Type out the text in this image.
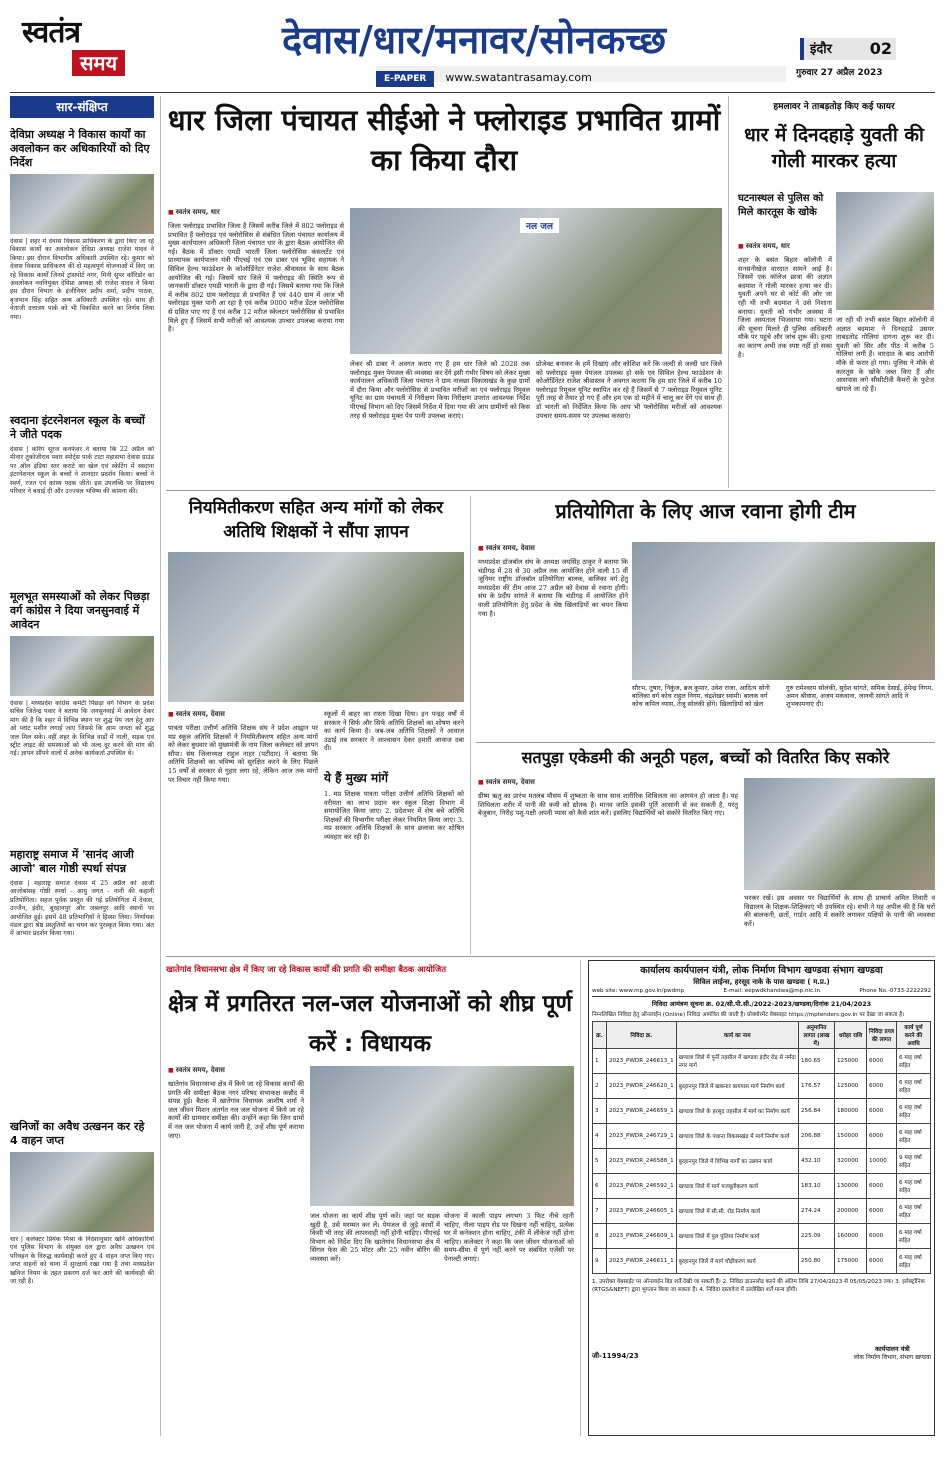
स्वतंत्र
समय
देवास/धार/मनावर/सोनकच्छ
E-PAPER www.swatantrasamay.com
इंदौर 02
गुरुवार 27 अप्रैल 2023
सार-संक्षिप्त
देविप्रा अध्यक्ष ने विकास कार्यों का अवलोकन कर अधिकारियों को दिए निर्देश
देवास | शहर में देवास विकास प्राधिकरण के द्वारा किए जा रहे विकास कार्यों का अवलोकन देविप्रा अध्यक्ष राजेश यादव ने किया। इस दौरान विभागीय अधिकारी उपस्थित रहे। कुमार को देवास विकास प्राधिकरण की दो महत्वपूर्ण योजनाओं में किए जा रहे विकास कार्यों जिनमें ट्रांसपोर्ट नगर, मिनी सुपर कॉरिडोर का अवलोकन नवनियुक्त देविप्रा अध्यक्ष श्री राजेश यादव ने किया इस दौरान विभाग के इंजीनियर प्रदीप शर्मा, प्रदीप पाठक, बृजभान सिंह सहित अन्य अधिकारी उपस्थित रहे। साथ ही नेताजी दत्तात्रय पार्क को भी विकसित करने का निर्णय लिया गया।
स्वदाना इंटरनेशनल स्कूल के बच्चों ने जीते पदक
देवास | कोरेंग सूरज कनफेवर ने बताया कि 22 अप्रैल को मीनार तुकोजीराव पवार स्पोर्ट्स पार्क टाटा महासभा देवास ग्राउंड पर ऑल इंडिया स्तर कराटे का खेल एवं स्केटिंग में स्वदाना इंटरनेशनल स्कूल के बच्चों ने शानदार प्रदर्शन किया। बच्चों ने स्वर्ण, रजत एवं कांस्य पदक जीते। इस उपलब्धि पर विद्यालय परिवार ने बधाई दी और उज्ज्वल भविष्य की कामना की।
मूलभूत समस्याओं को लेकर पिछड़ा वर्ग कांग्रेस ने दिया जनसुनवाई में आवेदन
देवास | मध्यप्रदेश कांग्रेस कमेटी पिछड़ा वर्ग विभाग के प्रदेश सचिव जितेन्द्र पवार ने बताया कि जनसुनवाई में आवेदन देकर मांग की है कि शहर में विभिन्न स्थान पर शुद्ध पेय जल हेतु आर ओ प्लांट मशीन लगाई जाए जिससे कि आम जनता को शुद्ध जल मिल सके। वहीं शहर के विभिन्न वार्डों में नाली, सड़क एवं स्ट्रीट लाइट की समस्याओं को भी जल्द दूर करने की मांग की गई। ज्ञापन सौंपने वालों में अनेक कार्यकर्ता उपस्थित थे।
महाराष्ट्र समाज में 'सानंद आजी आजो' बाल गोष्ठी स्पर्धा संपन्न
देवास | महाराष्ट्र समाज देवास में 25 अप्रैल को आजी आजोबांसह गोष्ठी स्पर्धा - आयु जगत - नानी की कहानी प्रतियोगिता। सहज पूर्वक प्रस्तुत की गई प्रतियोगिता में देवास, उज्जैन, इंदौर, बुरहानपुर और जबलपुर आदि स्थानों पर आयोजित हुई। इसमें 48 प्रतिभागियों ने हिस्सा लिया। निर्णायक मंडल द्वारा श्रेष्ठ प्रस्तुतियों का चयन कर पुरस्कृत किया गया। अंत में आभार प्रदर्शन किया गया।
खनिजों का अवैध उत्खनन कर रहे 4 वाहन जप्त
धार | कलेक्टर प्रियंक मिश्रा के निर्देशानुसार खनि अधिकारियों एवं पुलिस विभाग के संयुक्त दल द्वारा अवैध उत्खनन एवं परिवहन के विरुद्ध कार्यवाही करते हुए 4 वाहन जप्त किए गए। जप्त वाहनों को थाना में सुरक्षार्थ रखा गया है तथा मध्यप्रदेश खनिज नियम के तहत प्रकरण दर्ज कर आगे की कार्यवाही की जा रही है।
धार जिला पंचायत सीईओ ने फ्लोराइड प्रभावित ग्रामों का किया दौरा
■ स्वतंत्र समय, धार
जिला फ्लोराइड प्रभावित जिला है जिसमें करीब जिले में 802 फ्लोराइड से प्रभावित हैं फ्लोराइड एवं फ्लोरोसिस से संबंधित जिला पंचायत कार्यालय में मुख्य कार्यपालन अधिकारी जिला पंचायत धार के द्वारा बैठक आयोजित की गई। बैठक में डॉक्टर एमडी भारती जिला फ्लोरोसिस कंसलटेंट एवं प्राध्यापक कार्यपालन यंत्री पीएचई एवं एस डाबर एवं भूविद सहायक ने सिविल हेल्थ फाउंडेशन के कोऑर्डिनेटर राजेश श्रीवास्तव के साथ बैठक आयोजित की गई। जिसमें धार जिले में फ्लोराइड की स्थिति रूप से जानकारी डॉक्टर एमडी भारती के द्वारा दी गई। जिसमें बताया गया कि जिले में करीब 802 ग्राम फ्लोराइड से प्रभावित हैं एवं 440 ग्राम में आज भी फ्लोराइड युक्त पानी आ रहा है एवं करीब 9000 मरीज डेंटल फ्लोरोसिस से ग्रसित पाए गए हैं एवं करीब 12 मरीज स्केलटन फ्लोरोसिस से प्रभावित मिले हुए हैं जिसमें सभी मरीजों को आवश्यक उपचार उपलब्ध कराया गया है।
नल जल
लेकर श्री डाबर ने अवगत कराए गए हैं हम धार जिले को 2028 तक फ्लोराइड मुक्त पेयजल की व्यवस्था कर देंगे इसी गंभीर विषय को लेकर मुख्य कार्यपालन अधिकारी जिला पंचायत ने ग्राम नालछा विकासखंड के कुछ ग्रामों में दौरा किया और फ्लोरोसिस से प्रभावित मरीजों का एवं फ्लोराइड रिमूवल यूनिट का ग्राम पंचायती में निरीक्षण किया निरीक्षण उपरांत आवश्यक निर्देश पीएचई विभाग को दिए जिसमें निर्देश में दिया गया की आप ग्रामीणों को किस तरह से फ्लोराइड मुक्त पेय पानी उपलब्ध कराएं।
प्रोजेक्ट बनाकर के हमें दिखाएं और कोशिश करें कि जल्दी से जल्दी धार जिले को फ्लोराइड मुक्त पेयजल उपलब्ध हो सके एवं सिविल हेल्थ फाउंडेशन के कोऑर्डिनेटर राजेश श्रीवास्तव ने अवगत कराया कि हम धार जिले में करीब 10 फ्लोराइड रिमूवल यूनिट स्थापित कर रहे हैं जिसमें से 7 फ्लोराइड रिमूवल यूनिट पूरी तरह से तैयार हो गए हैं और हम एक दो महीने में चालू कर देंगे एवं साथ ही डॉ भारती को निर्देशित किया कि आप भी फ्लोरोसिस मरीजों को आवश्यक उपचार समय-समय पर उपलब्ध करवाएं।
हमलावर ने ताबड़तोड़ किए कई फायर
धार में दिनदहाड़े युवती की गोली मारकर हत्या
घटनास्थल से पुलिस को मिले कारतूस के खोके
■ स्वतंत्र समय, धार
शहर के बसंत बिहार कॉलोनी में सनसनीखेज वारदात सामने आई है। जिसमें एक कॉलेज छात्रा की अज्ञात बदमाश ने गोली मारकर हत्या कर दी। युवती अपने घर से कोर्ट की ओर जा रही थी तभी बदमाश ने उसे निशाना बनाया। युवती को गंभीर अवस्था में जिला अस्पताल भिजवाया गया। घटना की सूचना मिलते ही पुलिस अधिकारी मौके पर पहुंचे और जांच शुरू की। हत्या का कारण अभी तक स्पष्ट नहीं हो सका है।
जा रही थी तभी बसंत बिहार कॉलोनी में अज्ञात बदमाश ने दिनदहाड़े उसपर ताबड़तोड़ गोलियां दागना शुरू कर दी। युवती को सिर और पीठ में करीब 5 गोलियां लगी हैं। वारदात के बाद आरोपी मौके से फरार हो गया। पुलिस ने मौके से कारतूस के खोके जब्त किए हैं और आसपास लगे सीसीटीवी कैमरों के फुटेज खंगाले जा रहे हैं।
नियमितीकरण सहित अन्य मांगों को लेकर अतिथि शिक्षकों ने सौंपा ज्ञापन
■ स्वतंत्र समय, देवास
पात्रता परीक्षा उत्तीर्ण अतिथि शिक्षक संघ ने प्रदेश आह्वान पर मप्र स्कूल अतिथि शिक्षकों ने नियमितीकरण सहित अन्य मांगों को लेकर बुधवार को मुख्यमंत्री के नाम जिला कलेक्टर को ज्ञापन सौंपा। संघ जिलाध्यक्ष राहुल नाहर (पटीदार) ने बताया कि अतिथि शिक्षकों का भविष्य को सुरक्षित करने के लिए पिछले 15 वर्षों से सरकार से गुहार लगा रहे, लेकिन आज तक मांगों पर विचार नहीं किया गया।
स्कूलों में बाहर का रास्ता दिखा दिया। इन पन्द्रह वर्षों में सरकार ने सिर्फ और सिर्फ अतिथि शिक्षकों का शोषण करने का कार्य किया है। जब-जब अतिथि शिक्षकों ने आवाज उठाई तब सरकार ने आश्वासन देकर हमारी आवाज दबा दी।
ये हैं मुख्य मांगें
1. मप्र शिक्षक पात्रता परीक्षा उत्तीर्ण अतिथि शिक्षकों को वरीयता का लाभ प्रदान कर स्कूल शिक्षा विभाग में समायोजित किया जाए। 2. प्रदेशभर में शेष बचे अतिथि शिक्षकों की विभागीय परीक्षा लेकर नियमित किया जाए। 3. मप्र सरकार अतिथि शिक्षकों के साथ छलावा कर शोषित व्यवहार कर रही है।
प्रतियोगिता के लिए आज रवाना होगी टीम
■ स्वतंत्र समय, देवास
मध्यप्रदेश डॉजबॉल संघ के अध्यक्ष जयसिंह ठाकुर ने बताया कि चंडीगढ़ में 28 से 30 अप्रैल तक आयोजित होने वाली 15 वीं जूनियर राष्ट्रीय डॉजबॉल प्रतियोगिता बालक, बालिका वर्ग हेतु मध्यप्रदेश की टीम आज 27 अप्रैल को देवास से रवाना होगी। संघ के प्रदीप सांगते ने बताया कि चंडीगढ़ में आयोजित होने वाली प्रतियोगिता हेतु प्रदेश के श्रेष्ठ खिलाड़ियों का चयन किया गया है।
सौरभ, तुषार, निकुंज, ब्रज कुमार, उवेश राजा, आदित्य सोनी बालिका वर्ग कोच राहुल निगम, चंद्रशेखर स्वामी। बालक वर्ग कोच कपिल व्यास, तेजू सोलंकी होंगे। खिलाड़ियों को खेल
गुरु रामेश्वरम सोलंकी, सुदेश सांगते, समिक देसाई, हेमेन्द्र निगम, अमन श्रीवास, अजय मकवाना, जानवी सांगते आदि ने शुभकामनाएं दी।
सतपुड़ा एकेडमी की अनूठी पहल, बच्चों को वितरित किए सकोरे
■ स्वतंत्र समय, देवास
ग्रीष्म ऋतु का प्रारंभ मतलब मौसम में शुष्कता के साथ साथ शारीरिक शिथिलता का आगमन हो जाता है। यह शिथिलता शरीर में पानी की कमी को द्योतक है। मानव जाति इसकी पूर्ति आसानी से कर सकती है, परंतु बेजुबान, निरीह पशु-पक्षी अपनी प्यास को कैसे शांत करें। इसलिए विद्यार्थियों को सकोरे वितरित किए गए।
भरकर रखें। इस अवसर पर विद्यार्थियों के साथ ही प्राचार्य अमित तिवारी व विद्यालय के शिक्षक-शिक्षिकाएं भी उपस्थित रहे। सभी ने यह अपील की है कि घरों की बालकनी, छतों, गार्डन आदि में सकोरे लगाकर पक्षियों के पानी की व्यवस्था करें।
खातेगांव विधानसभा क्षेत्र में किए जा रहे विकास कार्यों की प्रगति की समीक्षा बैठक आयोजित
क्षेत्र में प्रगतिरत नल-जल योजनाओं को शीघ्र पूर्ण करें : विधायक
■ स्वतंत्र समय, देवास
खातेगांव विधानसभा क्षेत्र में किये जा रहे विकास कार्यों की प्रगति की समीक्षा बैठक नगर परिषद सभाकक्ष कन्नौद में संपन्न हुई। बैठक में खातेगांव विधायक आशीष शर्मा ने जल जीवन मिशन अंतर्गत नल जल योजना में किये जा रहे कार्यों की ग्रामवार समीक्षा की। उन्होंने कहा कि जिन ग्रामों में नल जल योजना में कार्य जारी है, उन्हें शीघ्र पूर्ण कराया जाए।
जल योजना का कार्य शीघ्र पूर्ण करें। जहां पर सड़क खुदी है, उसे मरम्मत कर लें। पेयजल से जुड़े कार्यों में किसी भी तरह की लापरवाही नहीं होनी चाहिए। पीएचई विभाग को निर्देश दिए कि खातेगांव विधानसभा क्षेत्र में सिंगल फेस की 25 मोटर और 25 नवीन बोरिंग की व्यवस्था करें।
योजना में काली पाइप लगभग 3 फिट नीचे रहनी चाहिए, नीला पाइप रोड पर दिखना नहीं चाहिए, प्रत्येक घर में कनेक्शन होना चाहिए, टंकी में लीकेज नहीं होना चाहिए। कलेक्टर ने कहा कि जल जीवन योजनाओं को समय-सीमा में पूर्ण नहीं करने पर संबंधित एजेंसी पर पेनाल्टी लगाएं।
कार्यालय कार्यपालन यंत्री, लोक निर्माण विभाग खण्डवा संभाग खण्डवा
सिविल लाईन्स, हरसूद नाके के पास खण्डवा ( म.प्र.)
web site: www.mp.gov.in/pwdmp	E-mail: eepwdkhandwa@mp.nic.in	Phone No.-0733-2222292
निविदा आमंत्रण सूचना क्र. 02/सी.पी.सी./2022-2023/खण्डवा/दिनांक 21/04/2023
निम्नलिखित निविदा हेतु ऑनलाईन (Online) निविदा आमंत्रित की जाती है। प्रोक्योरमेंट वेबसाइट https://mptenders.gov.in पर देखा जा सकता है।
क्र.	निविदा क्र.	कार्य का नाम	अनुमानित लागत (लाख में)	धरोहर राशि	निविदा प्रपत्र की लागत	कार्य पूर्ण करने की अवधि
1	2023_PWDR_246613_1	खण्डवा जिले में पुर्नी तहसील में खण्डवा इंदौर रोड़ से नर्मदा नगर मार्ग	180.65	125000	6000	6 माह वर्षा सहित
2	2023_PWDR_246620_1	बुरहानपुर जिले में खकनार बायपास मार्ग निर्माण कार्य	176.57	125000	6000	6 माह वर्षा सहित
3	2023_PWDR_246659_1	खण्डवा जिले के हरसूद तहसील में मार्ग का निर्माण कार्य	256.84	180000	6000	6 माह वर्षा सहित
4	2023_PWDR_246729_1	खण्डवा जिले के पंधाना विकासखंड में मार्ग निर्माण कार्य	206.88	150000	6000	6 माह वर्षा सहित
5	2023_PWDR_246588_1	बुरहानपुर जिले में विभिन्न मार्गों का उन्नयन कार्य	432.10	320000	10000	9 माह वर्षा सहित
6	2023_PWDR_246592_1	खण्डवा जिले में मार्ग मजबूतीकरण कार्य	183.10	130000	6000	6 माह वर्षा सहित
7	2023_PWDR_246605_1	खण्डवा जिले में सी.सी. रोड निर्माण कार्य	274.24	200000	6000	6 माह वर्षा सहित
8	2023_PWDR_246609_1	खण्डवा जिले में पुल पुलिया निर्माण कार्य	225.09	160000	6000	6 माह वर्षा सहित
9	2023_PWDR_246611_1	बुरहानपुर जिले में मार्ग चौड़ीकरण कार्य	250.80	175000	6000	6 माह वर्षा सहित
1. उपरोक्त वेबसाईट पर ऑनलाईन बिड शर्तें देखी जा सकती हैं। 2. निविदा डाउनलोड करने की अंतिम तिथि 27/04/2023 से 05/05/2023 तक। 3. इलेक्ट्रॉनिक (RTGS&NEFT) द्वारा भुगतान किया जा सकता है। 4. निविदा दस्तावेज में उल्लेखित शर्तें मान्य होंगी।
जी-11994/23
कार्यपालन यंत्री
लोक निर्माण विभाग, संभाग खण्डवा
